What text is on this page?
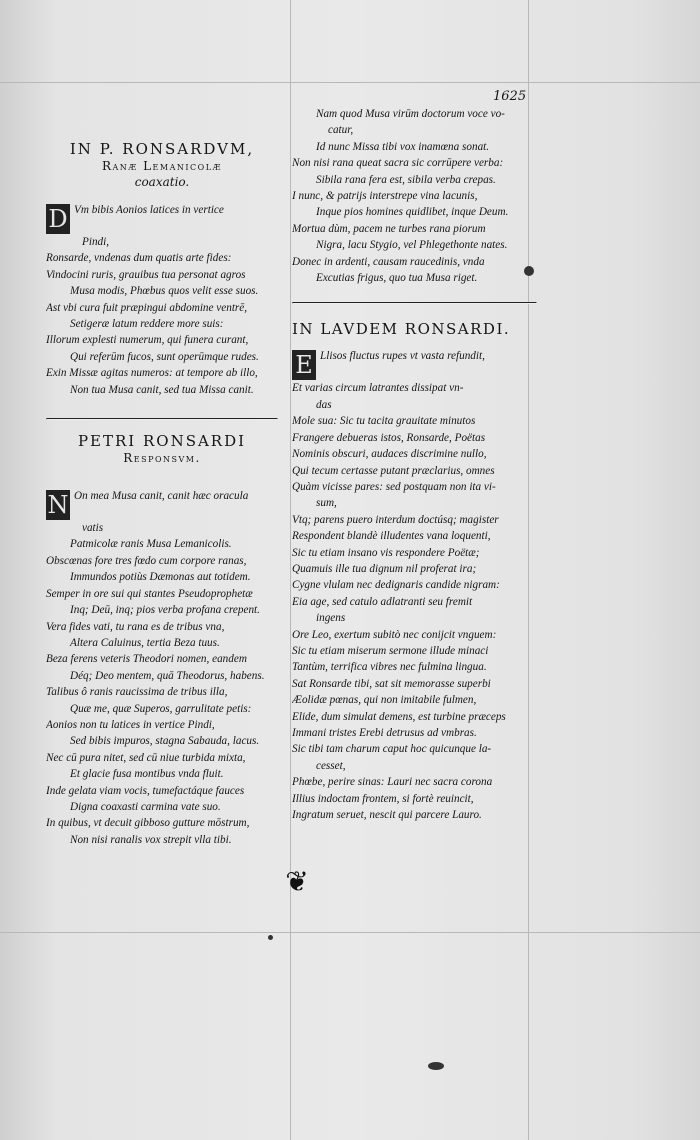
1625
IN P. RONSARDVM,
Ranæ Lemanicolæ
coaxatio.
D Vm bibis Aonios latices in vertice
Pindi,
Ronsarde, vndenas dum quatis arte fides:
Vindocini ruris, grauibus tua personat agros
Musa modis, Phœbus quos velit esse suos.
Ast vbi cura fuit præpingui abdomine ventrē,
Setigeræ latum reddere more suis:
Illorum explesti numerum, qui funera curant,
Qui referūm fucos, sunt operūmque rudes.
Exin Missæ agitas numeros: at tempore ab illo,
Non tua Musa canit, sed tua Missa canit.
PETRI RONSARDI
Responsvm.
N On mea Musa canit, canit hæc oracula
vatis
Patmicolæ ranis Musa Lemanicolis.
Obscœnas fore tres fœdo cum corpore ranas,
Immundos potiùs Dæmonas aut totidem.
Semper in ore sui qui stantes Pseudoprophetæ
Inq; Deū, inq; pios verba profana crepent.
Vera fides vati, tu rana es de tribus vna,
Altera Caluinus, tertia Beza tuus.
Beza ferens veteris Theodori nomen, eandem
Déq; Deo mentem, quā Theodorus, habens.
Talibus ô ranis raucissima de tribus illa,
Quæ me, quæ Superos, garrulitate petis:
Aonios non tu latices in vertice Pindi,
Sed bibis impuros, stagna Sabauda, lacus.
Nec cū pura nitet, sed cū niue turbida mixta,
Et glacie fusa montibus vnda fluit.
Inde gelata viam vocis, tumefactáque fauces
Digna coaxasti carmina vate suo.
In quibus, vt decuit gibboso gutture mōstrum,
Non nisi ranalis vox strepit vlla tibi.
Nam quod Musa virūm doctorum voce vo-
catur,
Id nunc Missa tibi vox inamœna sonat.
Non nisi rana queat sacra sic corrūpere verba:
Sibila rana fera est, sibila verba crepas.
I nunc, & patrijs interstrepe vina lacunis,
Inque pios homines quidlibet, inque Deum.
Mortua dùm, pacem ne turbes rana piorum
Nigra, lacu Stygio, vel Phlegethonte nates.
Donec in ardenti, causam raucedinis, vnda
Excutias frigus, quo tua Musa riget.
IN LAVDEM RONSARDI.
E Llisos fluctus rupes vt vasta refundit,
Et varias circum latrantes dissipat vn-
das
Mole sua: Sic tu tacita grauitate minutos
Frangere debueras istos, Ronsarde, Poëtas
Nominis obscuri, audaces discrimine nullo,
Qui tecum certasse putant præclarius, omnes
Quàm vicisse pares: sed postquam non ita vi-
sum,
Vtq; parens puero interdum doctúsq; magister
Respondent blandè illudentes vana loquenti,
Sic tu etiam insano vis respondere Poëtæ;
Quamuis ille tua dignum nil proferat ira;
Cygne vlulam nec dedignaris candide nigram:
Eia age, sed catulo adlatranti seu fremit
ingens
Ore Leo, exertum subitò nec conijcit vnguem:
Sic tu etiam miserum sermone illude minaci
Tantùm, terrifica vibres nec fulmina lingua.
Sat Ronsarde tibi, sat sit memorasse superbi
Æolidæ pœnas, qui non imitabile fulmen,
Elide, dum simulat demens, est turbine præceps
Immani tristes Erebi detrusus ad vmbras.
Sic tibi tam charum caput hoc quicunque la-
cesset,
Phœbe, perire sinas: Lauri nec sacra corona
Illius indoctam frontem, si fortè reuincit,
Ingratum seruet, nescit qui parcere Lauro.
❦
